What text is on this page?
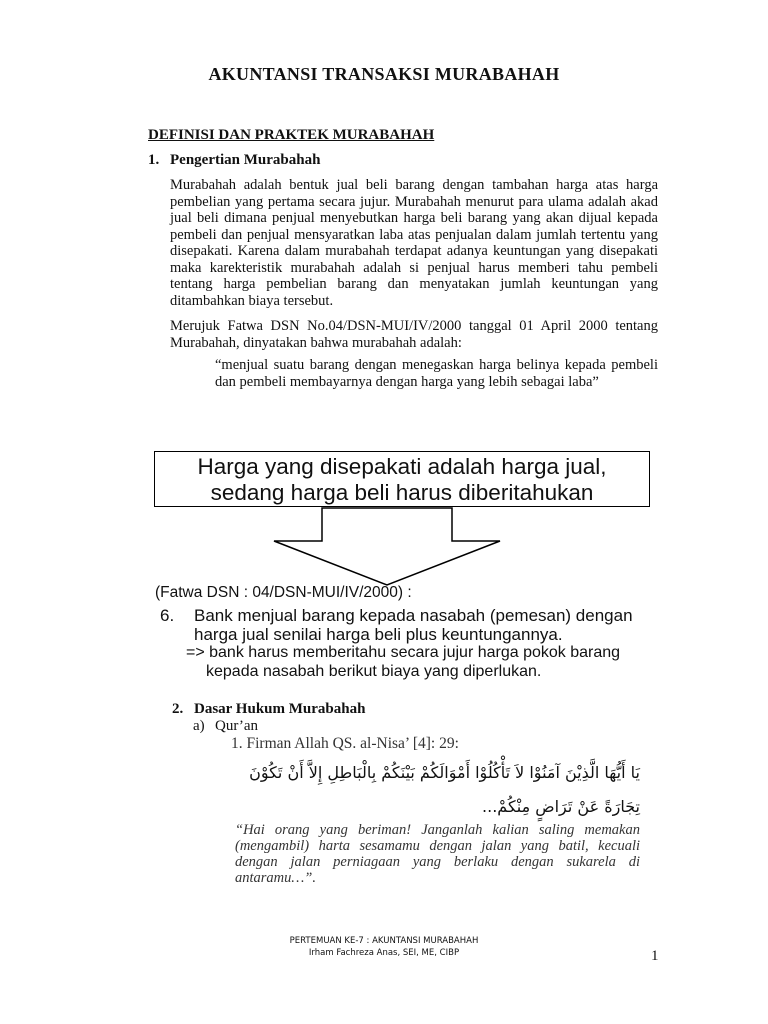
AKUNTANSI TRANSAKSI MURABAHAH
DEFINISI DAN PRAKTEK MURABAHAH
1. Pengertian Murabahah
Murabahah adalah bentuk jual beli barang dengan tambahan harga atas harga pembelian yang pertama secara jujur. Murabahah menurut para ulama adalah akad jual beli dimana penjual menyebutkan harga beli barang yang akan dijual kepada pembeli dan penjual mensyaratkan laba atas penjualan dalam jumlah tertentu yang disepakati. Karena dalam murabahah terdapat adanya keuntungan yang disepakati maka karekteristik murabahah adalah si penjual harus memberi tahu pembeli tentang harga pembelian barang dan menyatakan jumlah keuntungan yang ditambahkan biaya tersebut.
Merujuk Fatwa DSN No.04/DSN-MUI/IV/2000 tanggal 01 April 2000 tentang Murabahah, dinyatakan bahwa murabahah adalah:
“menjual suatu barang dengan menegaskan harga belinya kepada pembeli dan pembeli membayarnya dengan harga yang lebih sebagai laba”
Harga yang disepakati adalah harga jual,
sedang harga beli harus diberitahukan
(Fatwa DSN : 04/DSN-MUI/IV/2000) :
6. Bank menjual barang kepada nasabah (pemesan) dengan
harga jual senilai harga beli plus keuntungannya.
=> bank harus memberitahu secara jujur harga pokok barang
kepada nasabah berikut biaya yang diperlukan.
2. Dasar Hukum Murabahah
a) Qur’an
1. Firman Allah QS. al-Nisa’ [4]: 29:
يَا أَيُّهَا الَّذِيْنَ آمَنُوْا لاَ تَأْكُلُوْا أَمْوَالَكُمْ بَيْنَكُمْ بِالْبَاطِلِ إِلاَّ أَنْ تَكُوْنَ
تِجَارَةً عَنْ تَرَاضٍ مِنْكُمْ...
“Hai orang yang beriman! Janganlah kalian saling memakan (mengambil) harta sesamamu dengan jalan yang batil, kecuali dengan jalan perniagaan yang berlaku dengan sukarela di antaramu…”.
PERTEMUAN KE-7 : AKUNTANSI MURABAHAH
Irham Fachreza Anas, SEI, ME, CIBP	1
